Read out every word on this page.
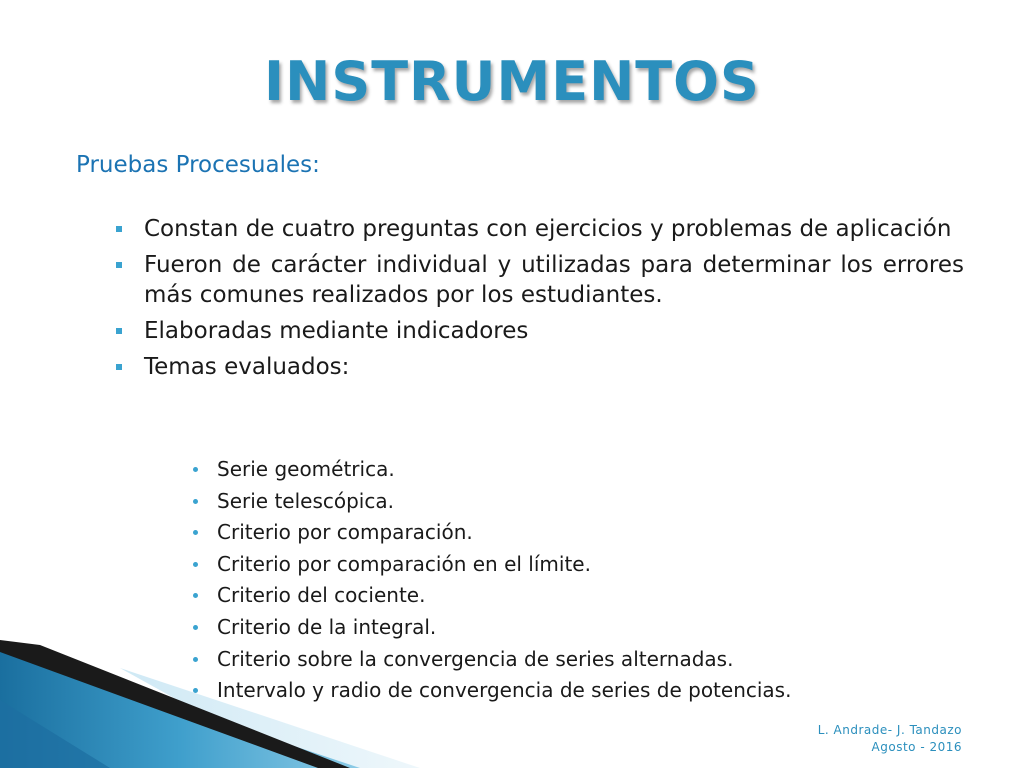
INSTRUMENTOS
Pruebas Procesuales:
Constan de cuatro preguntas con ejercicios y problemas de aplicación
Fueron de carácter individual y utilizadas para determinar los errores más comunes realizados por los estudiantes.
Elaboradas mediante indicadores
Temas evaluados:
Serie geométrica.
Serie telescópica.
Criterio por comparación.
Criterio por comparación en el límite.
Criterio del cociente.
Criterio de la integral.
Criterio sobre la convergencia de series alternadas.
Intervalo y radio de convergencia de series de potencias.
L. Andrade- J. Tandazo
Agosto - 2016
